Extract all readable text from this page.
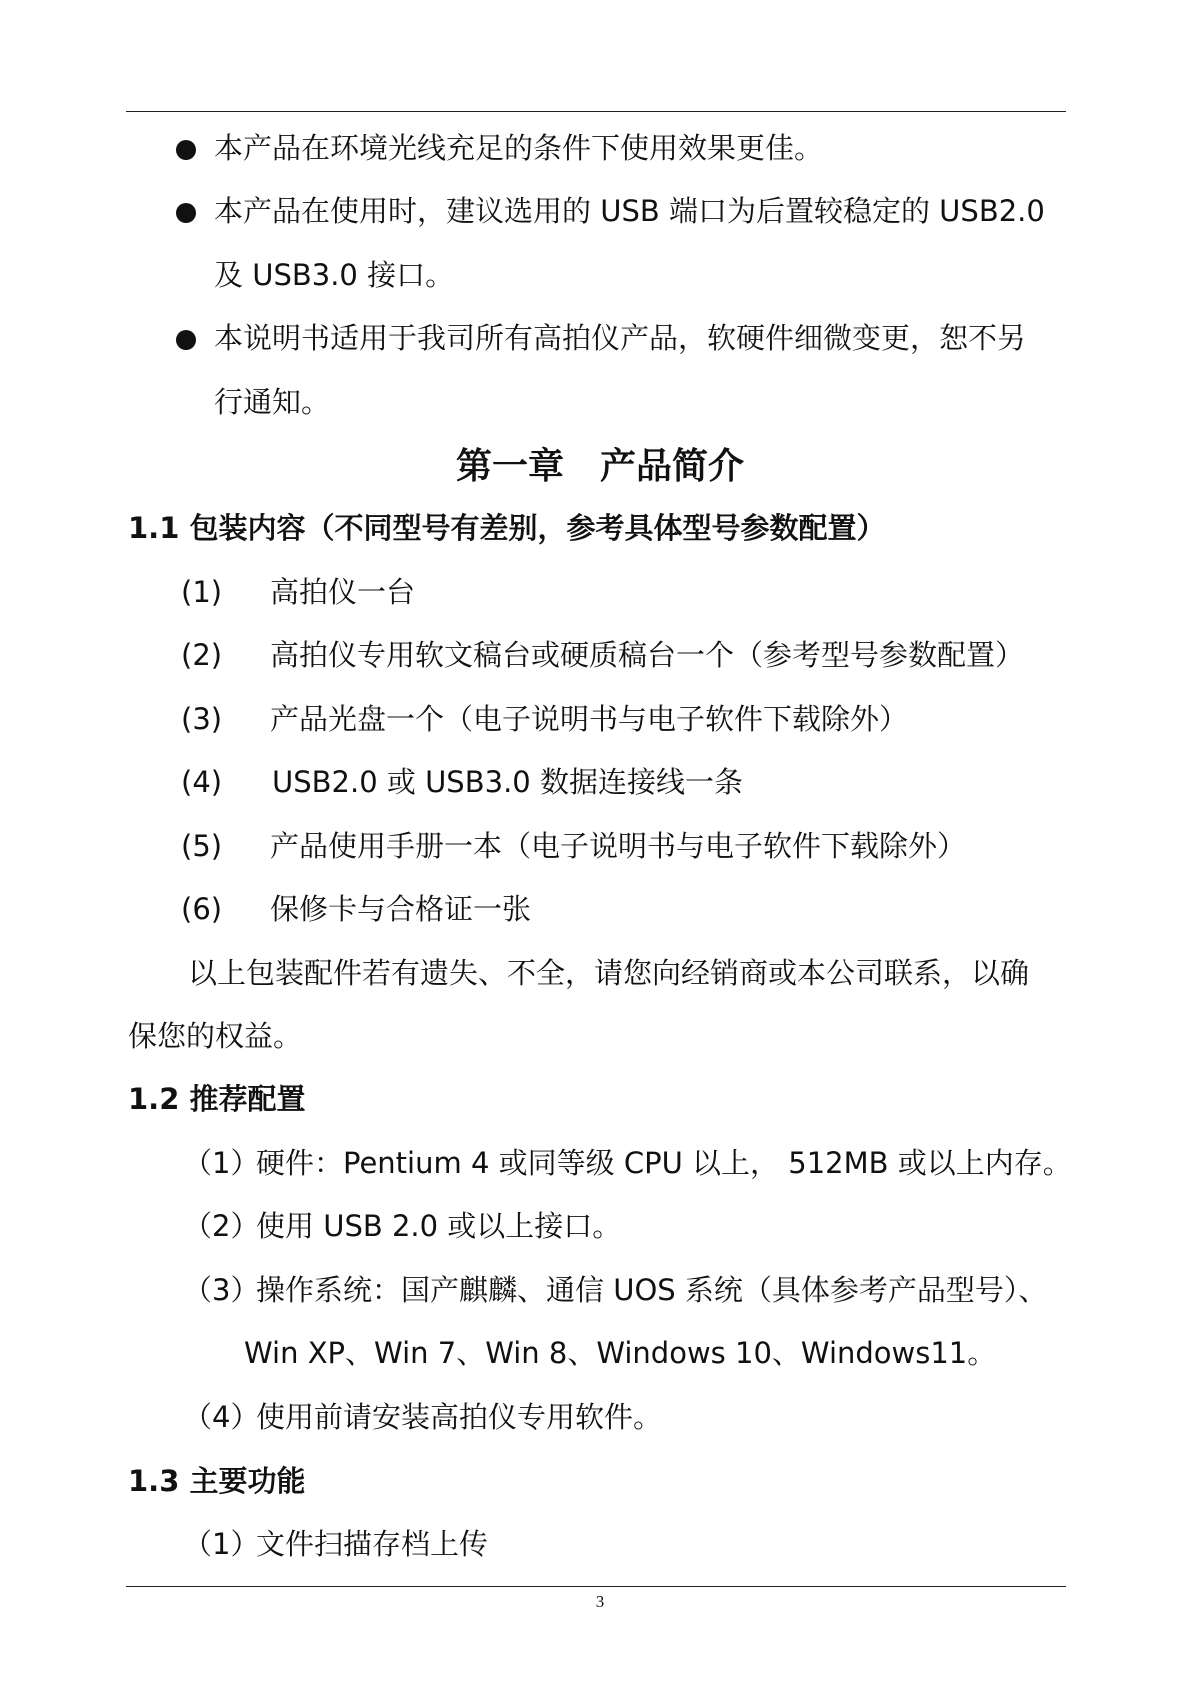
本产品在环境光线充足的条件下使用效果更佳。
本产品在使用时，建议选用的 USB 端口为后置较稳定的 USB2.0
及 USB3.0 接口。
本说明书适用于我司所有高拍仪产品，软硬件细微变更，恕不另
行通知。
第一章　产品简介
1.1 包装内容（不同型号有差别，参考具体型号参数配置）
(1) 高拍仪一台
(2) 高拍仪专用软文稿台或硬质稿台一个（参考型号参数配置）
(3) 产品光盘一个（电子说明书与电子软件下载除外）
(4) USB2.0 或 USB3.0 数据连接线一条
(5) 产品使用手册一本（电子说明书与电子软件下载除外）
(6) 保修卡与合格证一张
以上包装配件若有遗失、不全，请您向经销商或本公司联系，以确
保您的权益。
1.2 推荐配置
（1）
硬件：Pentium 4 或同等级 CPU 以上， 512MB 或以上内存。
（2）
使用 USB 2.0 或以上接口。
（3）
操作系统：国产麒麟、通信 UOS 系统（具体参考产品型号）、
Win XP、Win 7、Win 8、Windows 10、Windows11。
（4）
使用前请安装高拍仪专用软件。
1.3 主要功能
（1）
文件扫描存档上传
3
